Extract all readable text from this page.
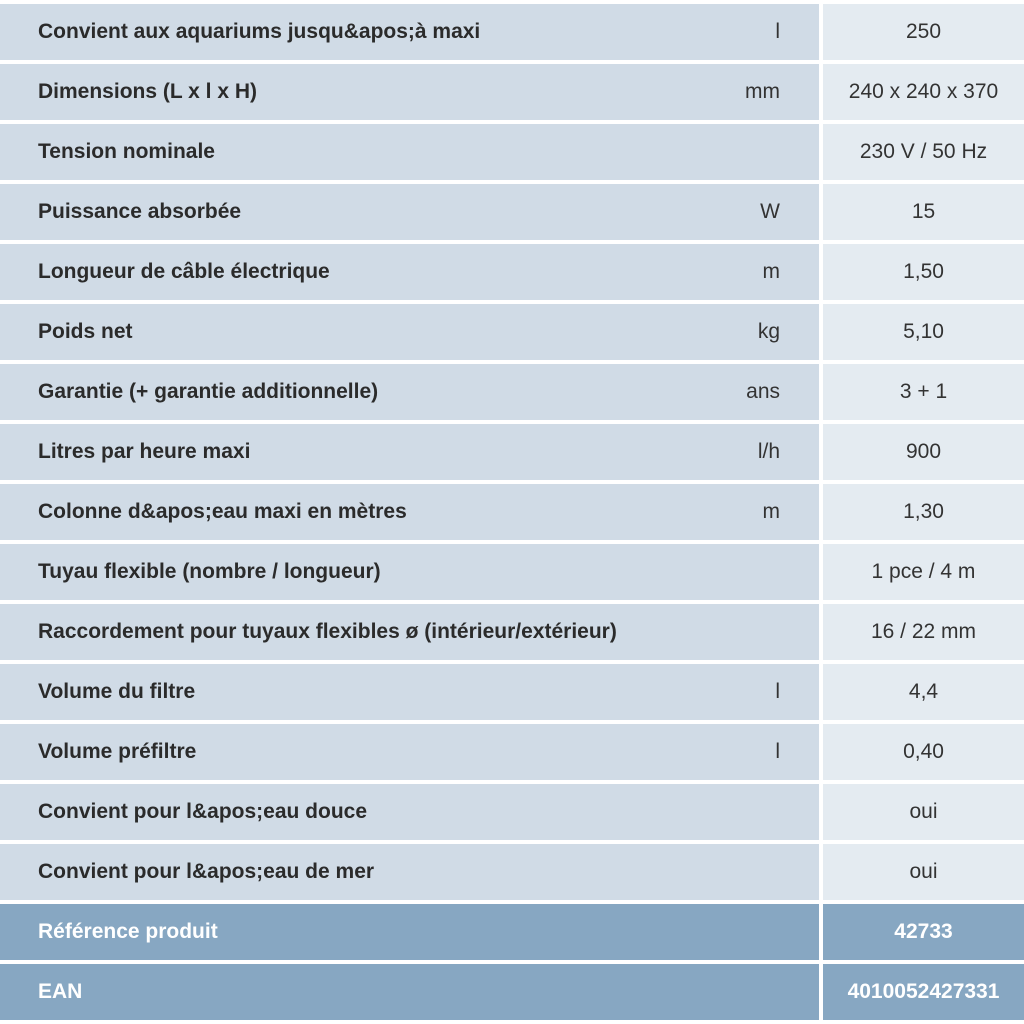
Convient aux aquariums jusqu&apos;à maxi	l	250
Dimensions (L x l x H)	mm	240 x 240 x 370
Tension nominale	230 V / 50 Hz
Puissance absorbée	W	15
Longueur de câble électrique	m	1,50
Poids net	kg	5,10
Garantie (+ garantie additionnelle)	ans	3 + 1
Litres par heure maxi	l/h	900
Colonne d&apos;eau maxi en mètres	m	1,30
Tuyau flexible (nombre / longueur)	1 pce / 4 m
Raccordement pour tuyaux flexibles ø (intérieur/extérieur)	16 / 22 mm
Volume du filtre	l	4,4
Volume préfiltre	l	0,40
Convient pour l&apos;eau douce	oui
Convient pour l&apos;eau de mer	oui
Référence produit	42733
EAN	4010052427331
